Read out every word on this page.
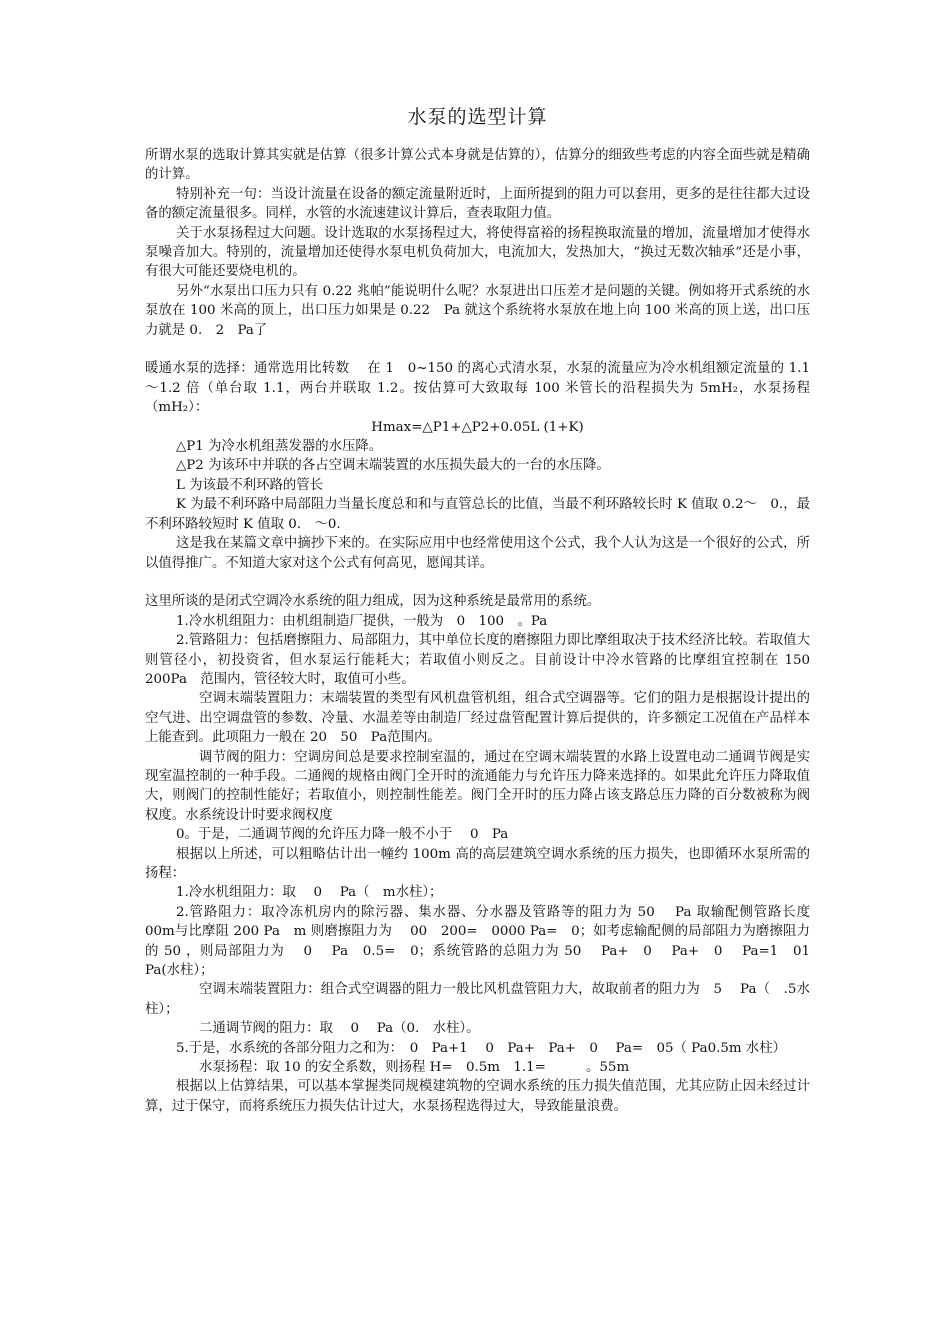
水泵的选型计算

所谓水泵的选取计算其实就是估算（很多计算公式本身就是估算的），估算分的细致些考虑的内容全面些就是精确的计算。

特别补充一句：当设计流量在设备的额定流量附近时，上面所提到的阻力可以套用，更多的是往往都大过设备的额定流量很多。同样，水管的水流速建议计算后，查表取阻力值。

关于水泵扬程过大问题。设计选取的水泵扬程过大，将使得富裕的扬程换取流量的增加，流量增加才使得水泵噪音加大。特别的，流量增加还使得水泵电机负荷加大，电流加大，发热加大，“换过无数次轴承”还是小事，有很大可能还要烧电机的。

另外“水泵出口压力只有 0.22 兆帕”能说明什么呢？水泵进出口压差才是问题的关键。例如将开式系统的水泵放在 100 米高的顶上，出口压力如果是 0.22　Pa 就这个系统将水泵放在地上向 100 米高的顶上送，出口压力就是 0.　2　Pa了

暖通水泵的选择：通常选用比转数　 在 1　0~150 的离心式清水泵，水泵的流量应为冷水机组额定流量的 1.1～1.2 倍（单台取 1.1，两台并联取 1.2。按估算可大致取每 100 米管长的沿程损失为 5mH₂，水泵扬程（mH₂）：

Hmax=△P1+△P2+0.05L (1+K)

△P1 为冷水机组蒸发器的水压降。

△P2 为该环中并联的各占空调末端装置的水压损失最大的一台的水压降。

L 为该最不利环路的管长

K 为最不利环路中局部阻力当量长度总和和与直管总长的比值，当最不利环路较长时 K 值取 0.2～　0.，最不利环路较短时 K 值取 0.　～0.

这是我在某篇文章中摘抄下来的。在实际应用中也经常使用这个公式，我个人认为这是一个很好的公式，所以值得推广。不知道大家对这个公式有何高见，愿闻其详。

这里所谈的是闭式空调冷水系统的阻力组成，因为这种系统是最常用的系统。

1.冷水机组阻力：由机组制造厂提供，一般为　0　100　。Pa

2.管路阻力：包括磨擦阻力、局部阻力，其中单位长度的磨擦阻力即比摩组取决于技术经济比较。若取值大则管径小，初投资省，但水泵运行能耗大；若取值小则反之。目前设计中冷水管路的比摩组宜控制在 150　200Pa　范围内，管径较大时，取值可小些。

空调末端装置阻力：末端装置的类型有风机盘管机组，组合式空调器等。它们的阻力是根据设计提出的空气进、出空调盘管的参数、冷量、水温差等由制造厂经过盘管配置计算后提供的，许多额定工况值在产品样本上能查到。此项阻力一般在 20　50　Pa范围内。

调节阀的阻力：空调房间总是要求控制室温的，通过在空调末端装置的水路上设置电动二通调节阀是实现室温控制的一种手段。二通阀的规格由阀门全开时的流通能力与允许压力降来选择的。如果此允许压力降取值大，则阀门的控制性能好；若取值小，则控制性能差。阀门全开时的压力降占该支路总压力降的百分数被称为阀权度。水系统设计时要求阀权度

0。于是，二通调节阀的允许压力降一般不小于　 0　Pa

根据以上所述，可以粗略估计出一幢约 100m 高的高层建筑空调水系统的压力损失，也即循环水泵所需的扬程：

1.冷水机组阻力：取　 0　 Pa（　m水柱）；

2.管路阻力：取冷冻机房内的除污器、集水器、分水器及管路等的阻力为 50　 Pa 取输配侧管路长度　 00m与比摩阻 200 Pa　m 则磨擦阻力为　 00　200=　0000 Pa=　0；如考虑输配侧的局部阻力为磨擦阻力的 50 ，则局部阻力为　 0　 Pa　0.5=　0；系统管路的总阻力为 50　 Pa+　0　 Pa+　0　 Pa=1　01　 Pa(水柱）；

空调末端装置阻力：组合式空调器的阻力一般比风机盘管阻力大，故取前者的阻力为　5　 Pa（　.5水柱）；

二通调节阀的阻力：取　 0　 Pa（0.　水柱）。

5.于是，水系统的各部分阻力之和为：　0　Pa+1　 0　Pa+　Pa+　0　 Pa=　05（ Pa0.5m 水柱）

水泵扬程：取 10 的安全系数，则扬程 H=　0.5m　1.1=　　　。55m

根据以上估算结果，可以基本掌握类同规模建筑物的空调水系统的压力损失值范围，尤其应防止因未经过计算，过于保守，而将系统压力损失估计过大，水泵扬程选得过大，导致能量浪费。
